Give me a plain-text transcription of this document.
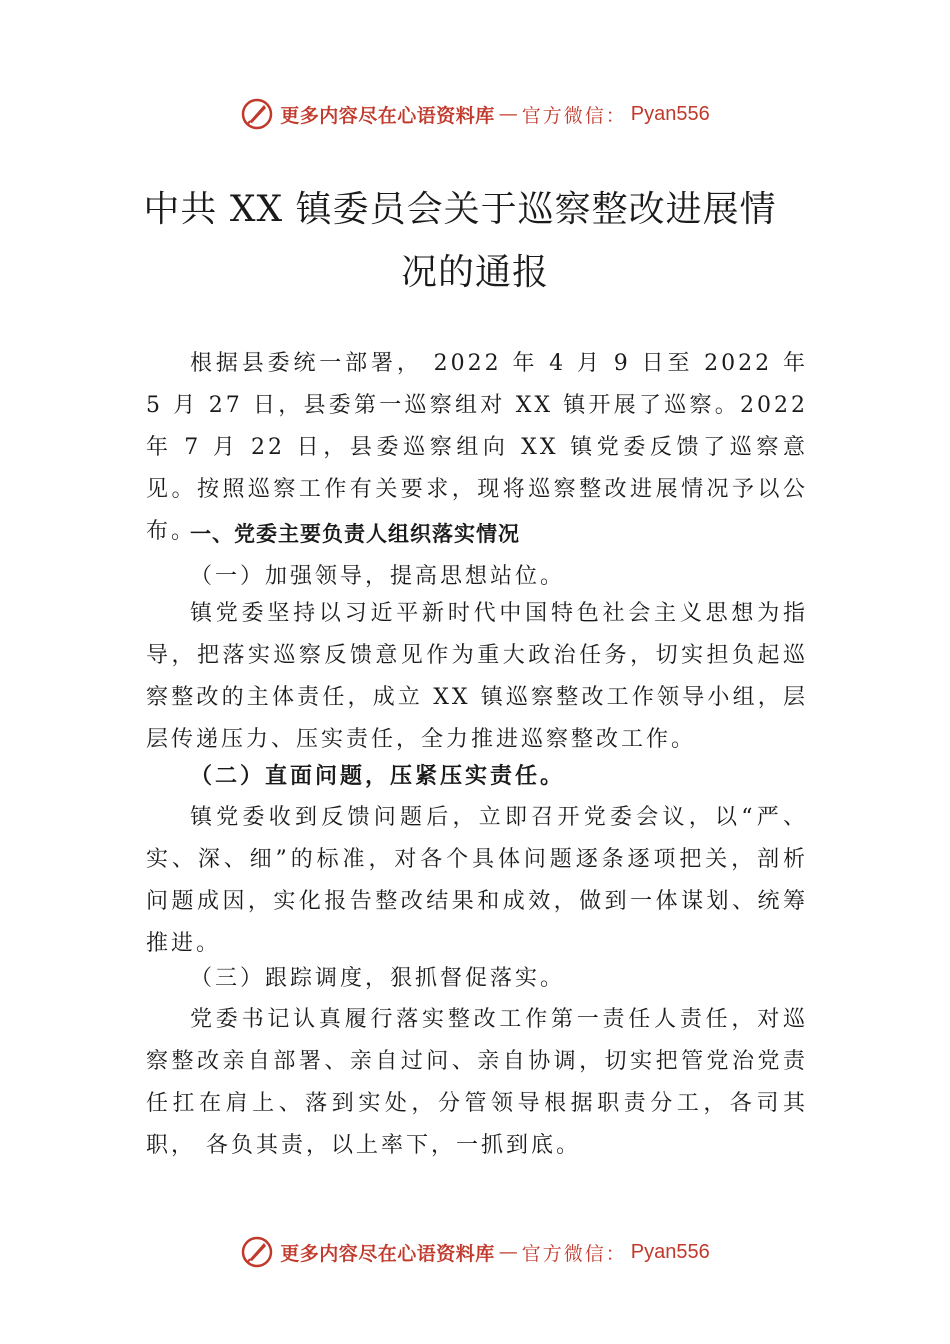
更多内容尽在心语资料库 — 官方微信： Pyan556
中共 XX 镇委员会关于巡察整改进展情
况的通报

根据县委统一部署， 2022 年 4 月 9 日至 2022 年 5 月 27 日，县委第一巡察组对 XX 镇开展了巡察。2022 年 7 月 22 日，县委巡察组向 XX 镇党委反馈了巡察意见。按照巡察工作有关要求，现将巡察整改进展情况予以公布。

一、党委主要负责人组织落实情况

（一）加强领导，提高思想站位。

镇党委坚持以习近平新时代中国特色社会主义思想为指导，把落实巡察反馈意见作为重大政治任务，切实担负起巡察整改的主体责任，成立 XX 镇巡察整改工作领导小组，层层传递压力、压实责任，全力推进巡察整改工作。

（二）直面问题，压紧压实责任。

镇党委收到反馈问题后，立即召开党委会议，以“严、实、深、细”的标准，对各个具体问题逐条逐项把关，剖析问题成因，实化报告整改结果和成效，做到一体谋划、统筹推进。

（三）跟踪调度，狠抓督促落实。

党委书记认真履行落实整改工作第一责任人责任，对巡察整改亲自部署、亲自过问、亲自协调，切实把管党治党责任扛在肩上、落到实处，分管领导根据职责分工，各司其职， 各负其责，以上率下，一抓到底。

更多内容尽在心语资料库 — 官方微信： Pyan556
